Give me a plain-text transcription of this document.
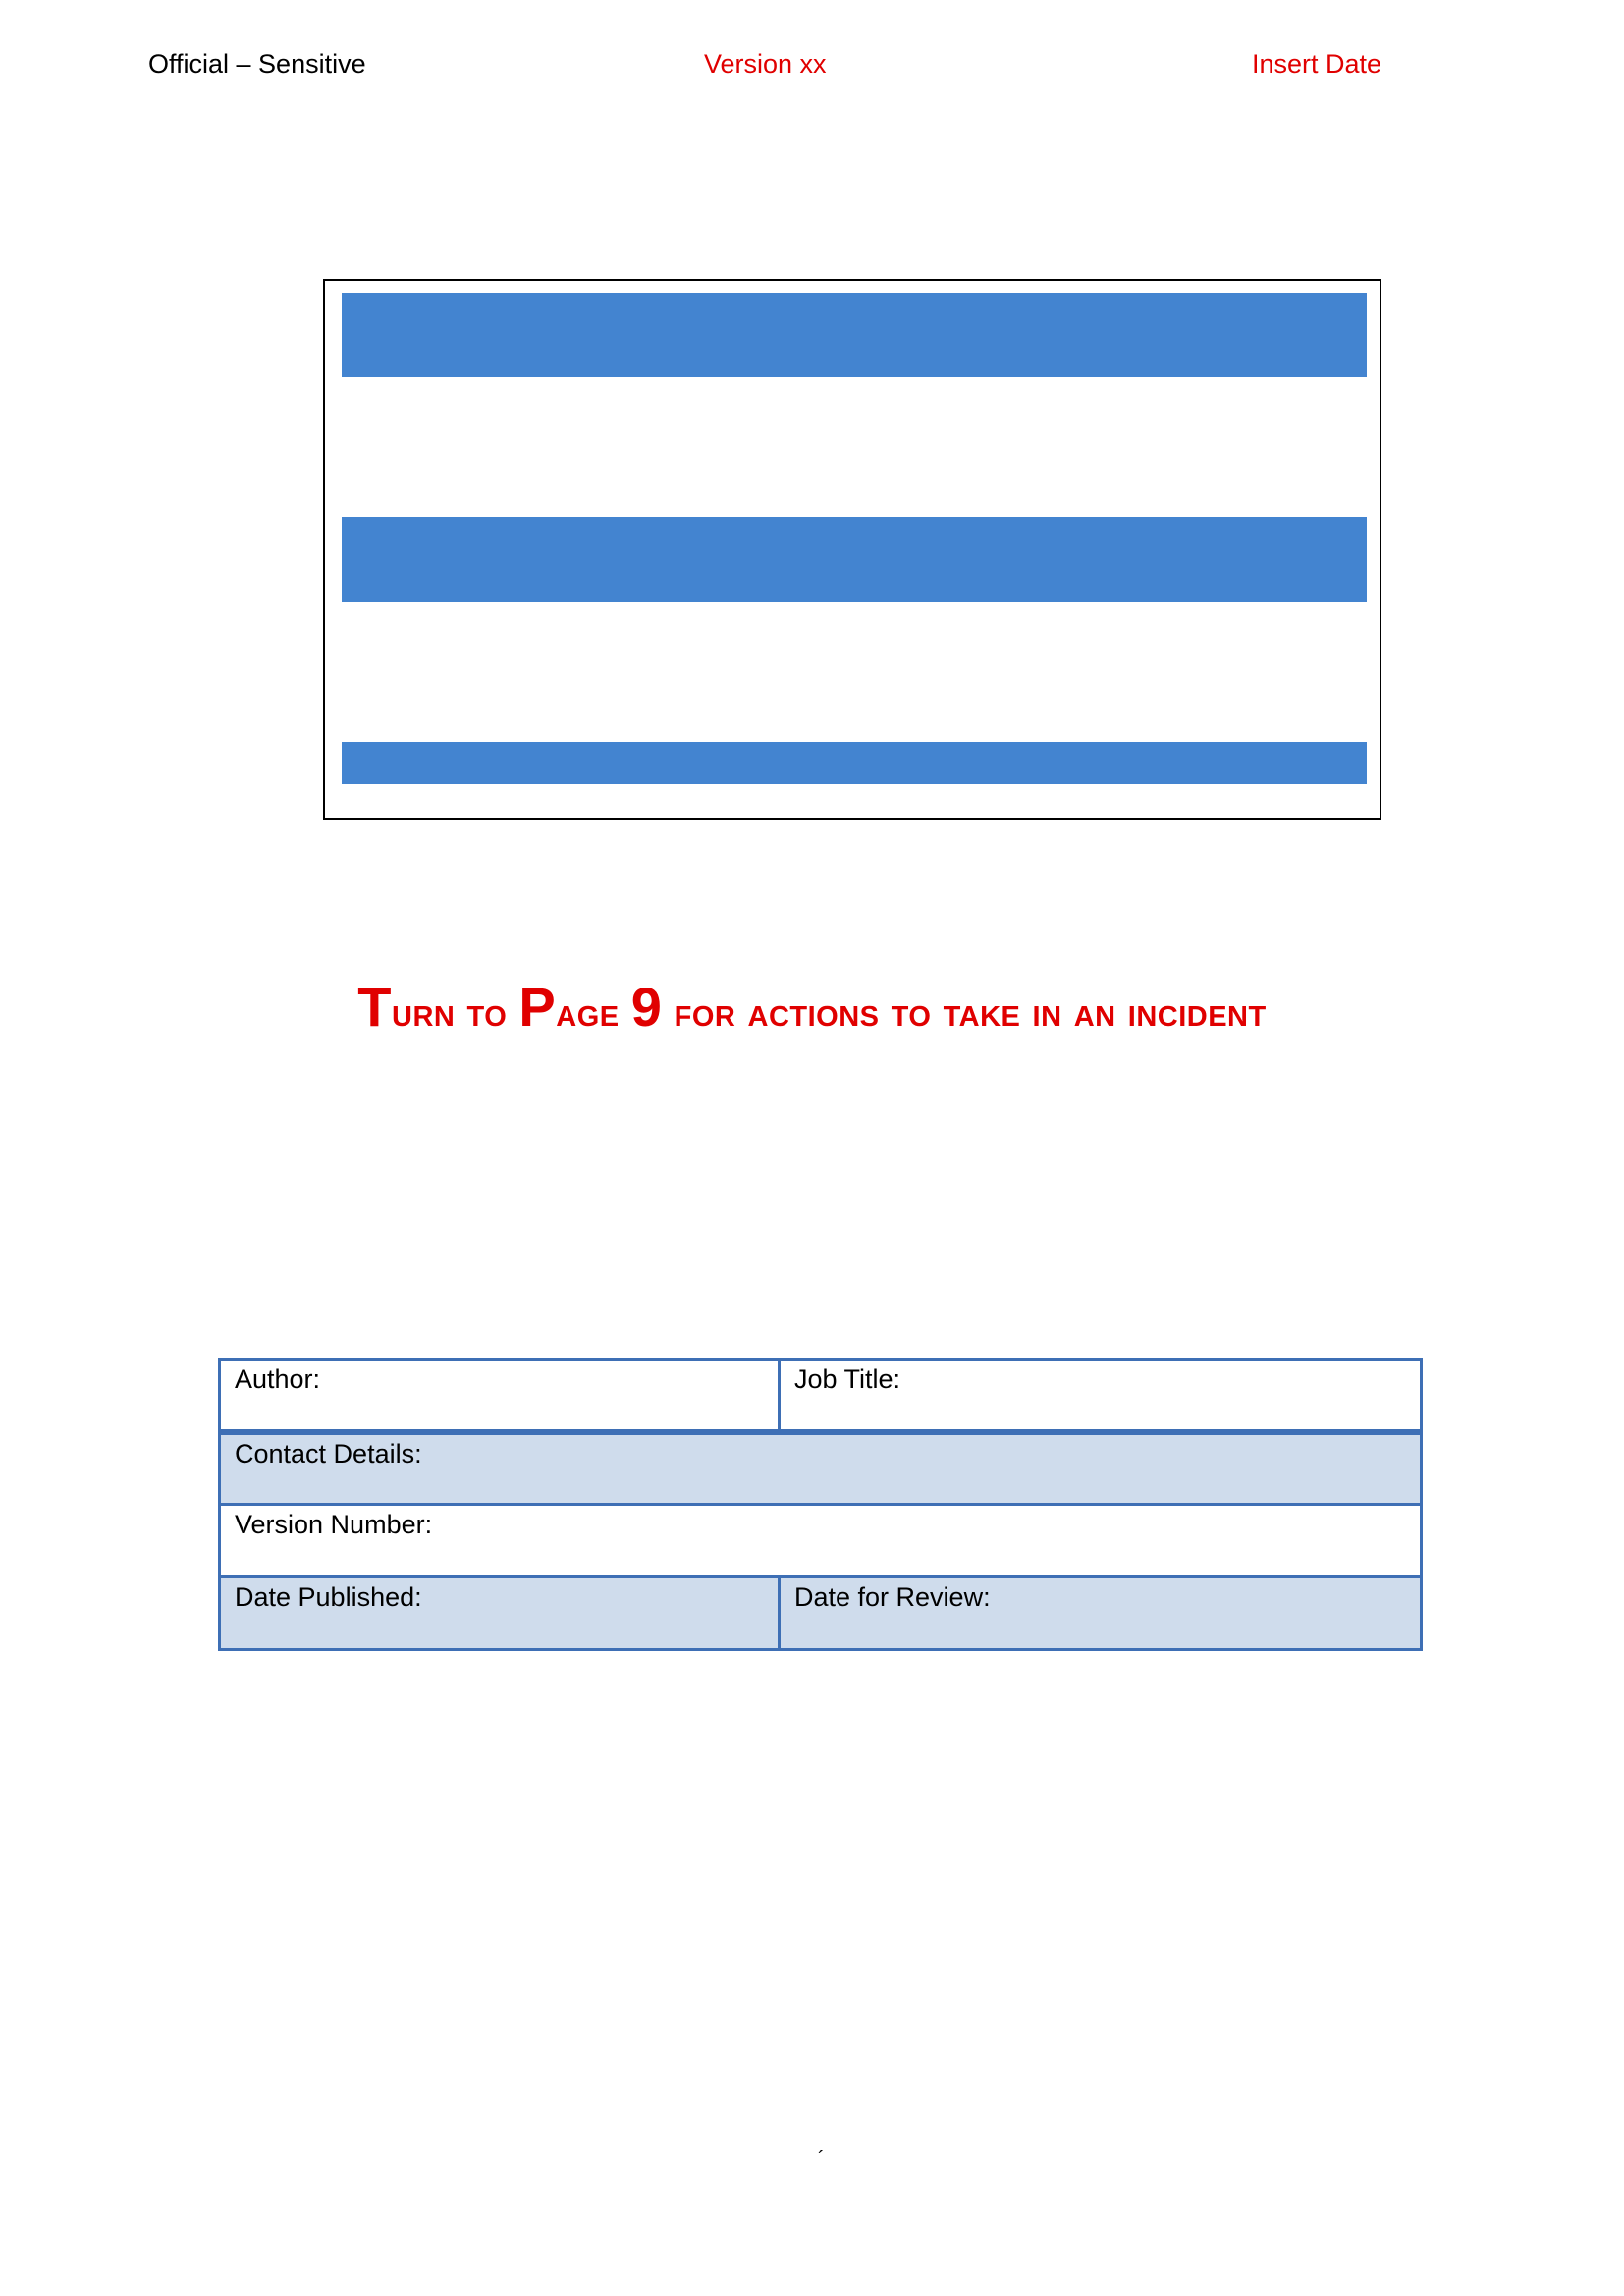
Official – Sensitive	Version xx	Insert Date
Turn to Page 9 for actions to take in an incident
Author:	Job Title:
Contact Details:	
Version Number:	
Date Published:	Date for Review:
´
